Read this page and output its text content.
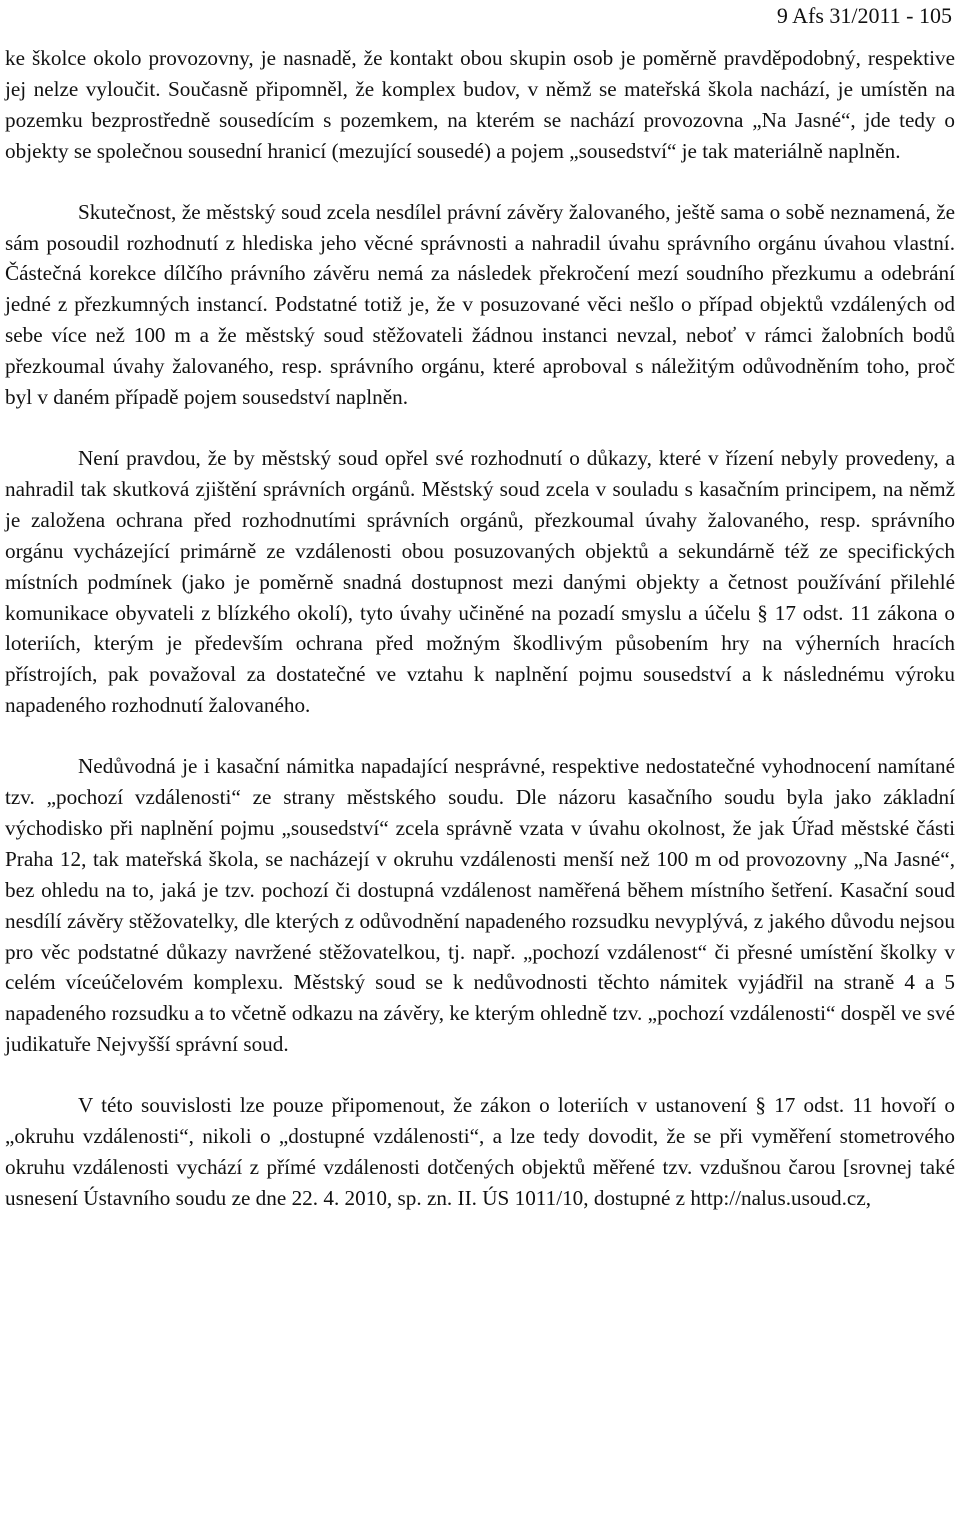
9 Afs 31/2011 - 105

ke školce okolo provozovny, je nasnadě, že kontakt obou skupin osob je poměrně pravděpodobný, respektive jej nelze vyloučit. Současně připomněl, že komplex budov, v němž se mateřská škola nachází, je umístěn na pozemku bezprostředně sousedícím s pozemkem, na kterém se nachází provozovna „Na Jasné“, jde tedy o objekty se společnou sousední hranicí (mezující sousedé) a pojem „sousedství“ je tak materiálně naplněn.

Skutečnost, že městský soud zcela nesdílel právní závěry žalovaného, ještě sama o sobě neznamená, že sám posoudil rozhodnutí z hlediska jeho věcné správnosti a nahradil úvahu správního orgánu úvahou vlastní. Částečná korekce dílčího právního závěru nemá za následek překročení mezí soudního přezkumu a odebrání jedné z přezkumných instancí. Podstatné totiž je, že v posuzované věci nešlo o případ objektů vzdálených od sebe více než 100 m a že městský soud stěžovateli žádnou instanci nevzal, neboť v rámci žalobních bodů přezkoumal úvahy žalovaného, resp. správního orgánu, které aproboval s náležitým odůvodněním toho, proč byl v daném případě pojem sousedství naplněn.

Není pravdou, že by městský soud opřel své rozhodnutí o důkazy, které v řízení nebyly provedeny, a nahradil tak skutková zjištění správních orgánů. Městský soud zcela v souladu s kasačním principem, na němž je založena ochrana před rozhodnutími správních orgánů, přezkoumal úvahy žalovaného, resp. správního orgánu vycházející primárně ze vzdálenosti obou posuzovaných objektů a sekundárně též ze specifických místních podmínek (jako je poměrně snadná dostupnost mezi danými objekty a četnost používání přilehlé komunikace obyvateli z blízkého okolí), tyto úvahy učiněné na pozadí smyslu a účelu § 17 odst. 11 zákona o loteriích, kterým je především ochrana před možným škodlivým působením hry na výherních hracích přístrojích, pak považoval za dostatečné ve vztahu k naplnění pojmu sousedství a k následnému výroku napadeného rozhodnutí žalovaného.

Nedůvodná je i kasační námitka napadající nesprávné, respektive nedostatečné vyhodnocení namítané tzv. „pochozí vzdálenosti“ ze strany městského soudu. Dle názoru kasačního soudu byla jako základní východisko při naplnění pojmu „sousedství“ zcela správně vzata v úvahu okolnost, že jak Úřad městské části Praha 12, tak mateřská škola, se nacházejí v okruhu vzdálenosti menší než 100 m od provozovny „Na Jasné“, bez ohledu na to, jaká je tzv. pochozí či dostupná vzdálenost naměřená během místního šetření. Kasační soud nesdílí závěry stěžovatelky, dle kterých z odůvodnění napadeného rozsudku nevyplývá, z jakého důvodu nejsou pro věc podstatné důkazy navržené stěžovatelkou, tj. např. „pochozí vzdálenost“ či přesné umístění školky v celém víceúčelovém komplexu. Městský soud se k nedůvodnosti těchto námitek vyjádřil na straně 4 a 5 napadeného rozsudku a to včetně odkazu na závěry, ke kterým ohledně tzv. „pochozí vzdálenosti“ dospěl ve své judikatuře Nejvyšší správní soud.

V této souvislosti lze pouze připomenout, že zákon o loteriích v ustanovení § 17 odst. 11 hovoří o „okruhu vzdálenosti“, nikoli o „dostupné vzdálenosti“, a lze tedy dovodit, že se při vyměření stometrového okruhu vzdálenosti vychází z přímé vzdálenosti dotčených objektů měřené tzv. vzdušnou čarou [srovnej také usnesení Ústavního soudu ze dne 22. 4. 2010, sp. zn. II. ÚS 1011/10, dostupné z http://nalus.usoud.cz,
